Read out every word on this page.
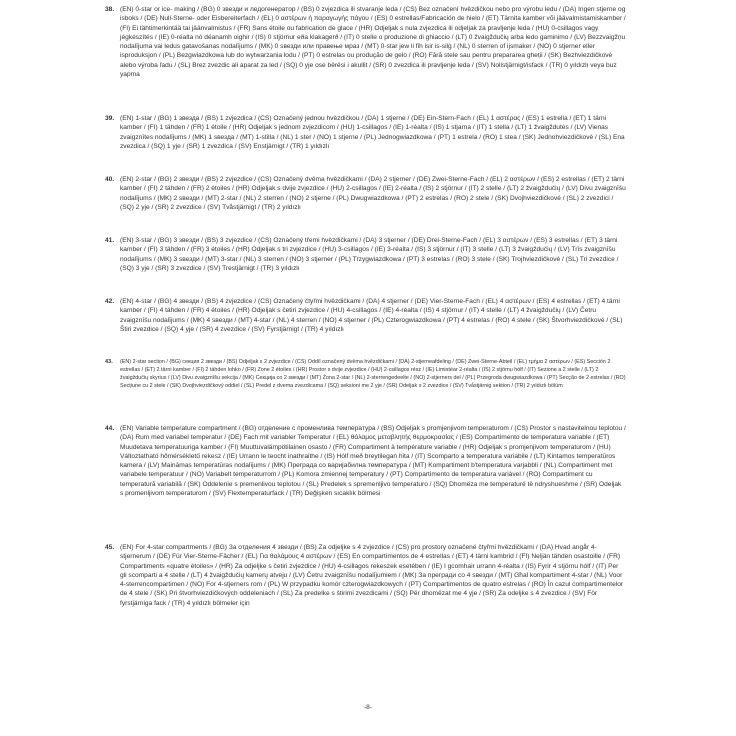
38. (EN) 0-star or ice- making / (BG) 0 звезди и ледогенератор / (BS) 0 zvjezdica ili stvaranje leda / (CS) Bez označení hvězdičkou nebo pro výrobu ledu / (DA) Ingen stjerne og isboks / (DE) Null-Sterne- oder Eisbereiterfach / (EL) 0 αστέρων ή παραγωγής πάγου / (ES) 0 estrellas/Fabricación de hielo / (ET) Tärnita kamber või jäävalmistamiskamber / (FI) Ei tähtimerkintää tai jäänvalmistus / (FR) Sans étoile ou fabrication de glace / (HR) Odjeljak s nula zvjezdica ili odjeljak za pravljenje leda / (HU) 0-csillagos vagy jégkészítés / (IE) 0-réalta nó déanamh oighir / (IS) 0 stjörnur eða klakagerð / (IT) 0 stelle o produzione di ghiaccio / (LT) 0 žvaigždučių arba ledo gaminimo / (LV) Bezzvaigžņu nodalījuma vai ledus gatavošanas nodalījums / (MK) 0 ѕвезди или правење мраз / (MT) 0-star jew li fih isir is-silġ / (NL) 0 sterren of ijsmaker / (NO) 0 stjerner eller isproduksjon / (PL) Bezgwiazdkowa lub do wytwarzania lodu / (PT) 0 estrelas ou produção de gelo / (RO) Fără stele sau pentru prepararea gheții / (SK) Bezhviezdičkové alebo výroba ľadu / (SL) Brez zvezdic ali aparat za led / (SQ) 0 yje ose bërësi i akullit / (SR) 0 zvezdica ili pravljenje leda / (SV) Nollstjärnigt/isfack / (TR) 0 yıldızlı veya buz yapma
39. (EN) 1-star / (BG) 1 звезда / (BS) 1 zvjezdica / (CS) Označený jednou hvězdičkou / (DA) 1 stjerne / (DE) Ein-Stern-Fach / (EL) 1 αστέρας / (ES) 1 estrella / (ET) 1 tärni kamber / (FI) 1 tähden / (FR) 1 étoile / (HR) Odjeljak s jednom zvjezdicom / (HU) 1-csillagos / (IE) 1-réalta / (IS) 1 stjarna / (IT) 1 stella / (LT) 1 žvaigždutės / (LV) Vienas zvaigznītes nodalījums / (MK) 1 ѕвезда / (MT) 1-stilla / (NL) 1 ster / (NO) 1 stjerne / (PL) Jednogwiazdkowa / (PT) 1 estrela / (RO) 1 stea / (SK) Jednohviezdičkové / (SL) Ena zvezdica / (SQ) 1 yje / (SR) 1 zvezdica / (SV) Enstjärnigt / (TR) 1 yıldızlı
40. (EN) 2-star / (BG) 2 звезди / (BS) 2 zvjezdice / (CS) Označený dvěma hvězdičkami / (DA) 2 stjerner / (DE) Zwei-Sterne-Fach / (EL) 2 αστέρων / (ES) 2 estrellas / (ET) 2 tärni kamber / (FI) 2 tähden / (FR) 2 étoiles / (HR) Odjeljak s dvije zvjezdice / (HU) 2-csillagos / (IE) 2-réalta / (IS) 2 stjörnur / (IT) 2 stelle / (LT) 2 žvaigždučių / (LV) Divu zvaigznīšu nodalījums / (MK) 2 ѕвезди / (MT) 2-star / (NL) 2 sterren / (NO) 2 stjerne / (PL) Dwugwiazdkowa / (PT) 2 estrelas / (RO) 2 stele / (SK) Dvojhviezdičkové / (SL) 2 zvezdici / (SQ) 2 yje / (SR) 2 zvezdice / (SV) Tvåstjärnigt / (TR) 2 yıldızlı
41. (EN) 3-star / (BG) 3 звезди / (BS) 3 zvjezdice / (CS) Označený třemi hvězdičkami / (DA) 3 stjerner / (DE) Drei-Sterne-Fach / (EL) 3 αστέρων / (ES) 3 estrellas / (ET) 3 tärni kamber / (FI) 3 tähden / (FR) 3 étoiles / (HR) Odjeljak s tri zvjezdice / (HU) 3-csillagos / (IE) 3-réalta / (IS) 3 stjörnur / (IT) 3 stelle / (LT) 3 žvaigždučių / (LV) Trīs zvaigznīšu nodalījums / (MK) 3 ѕвезди / (MT) 3-star / (NL) 3 sterren / (NO) 3 stjerner / (PL) Trzygwiazdkowa / (PT) 3 estrelas / (RO) 3 stele / (SK) Trojhviezdičkové / (SL) Tri zvezdice / (SQ) 3 yje / (SR) 3 zvezdice / (SV) Trestjärnigt / (TR) 3 yıldızlı
42. (EN) 4-star / (BG) 4 звезди / (BS) 4 zvjezdice / (CS) Označený čtyřmi hvězdičkami / (DA) 4 stjerner / (DE) Vier-Sterne-Fach / (EL) 4 αστέρων / (ES) 4 estrellas / (ET) 4 tärni kamber / (FI) 4 tähden / (FR) 4 étoiles / (HR) Odjeljak s četiri zvjezdice / (HU) 4-csillagos / (IE) 4-réalta / (IS) 4 stjörnur / (IT) 4 stelle / (LT) 4 žvaigždučių / (LV) Četru zvaigznīšu nodalījums / (MK) 4 ѕвезди / (MT) 4-star / (NL) 4 sterren / (NO) 4 stjerner / (PL) Czterogwiazdkowa / (PT) 4 estrelas / (RO) 4 stele / (SK) Štvorhviezdičkové / (SL) Štiri zvezdice / (SQ) 4 yje / (SR) 4 zvezdice / (SV) Fyrstjärnigt / (TR) 4 yıldızlı
43. (EN) 2-star section / (BG) секция 2 звезди / (BS) Odjeljak s 2 zvjezdice / (CS) Oddíl označený dvěma hvězdičkami / (DA) 2-stjerneafdeling / (DE) Zwei-Sterne-Abteil / (EL) τμήμα 2 αστέρων / (ES) Sección 2 estrellas / (ET) 2 tärni kamber / (FI) 2 tähden lohko / (FR) Zone 2 étoiles / (HR) Prostor s dvije zvjezdice / (HU) 2-csillagos rész / (IE) Limistéar 2-réalta / (IS) 2 stjörnu hólf / (IT) Sezione a 2 stelle / (LT) 2 žvaigždučių skyrius / (LV) Divu zvaigznīšu sekcija / (MK) Секција со 2 ѕвезди / (MT) Żona 2-star / (NL) 2-sterrengedeelte / (NO) 2-stjerners del / (PL) Przegroda dwugwiazdkowa / (PT) Secção de 2 estrelas / (RO) Secțiune cu 2 stele / (SK) Dvojhviezdičkový oddiel / (SL) Predel z dvema zvezdicama / (SQ) seksioni me 2 yje / (SR) Odeljak s 2 zvezdice / (SV) Tvåstjärnig sektion / (TR) 2 yıldızlı bölüm
44. (EN) Variable temperature compartment / (BG) отделение с променлива температура / (BS) Odjeljak s promjenjivom temperaturom / (CS) Prostor s nastavitelnou teplotou / (DA) Rum med variabel temperatur / (DE) Fach mit variabler Temperatur / (EL) θάλαμος μεταβλητής θερμοκρασίας / (ES) Compartimento de temperatura variable / (ET) Muudetava temperatuuriga kamber / (FI) Muuttuvalämpötilainen osasto / (FR) Compartiment à température variable / (HR) Odjeljak s promjenjivom temperaturom / (HU) Változtatható hőmérsékletű rekesz / (IE) Urrann le teocht inathraithe / (IS) Hólf með breytilegan hita / (IT) Scomparto a temperatura variabile / (LT) Kintamos temperatūros kamera / (LV) Maināmas temperatūras nodalījums / (MK) Преграда со варијабилна температура / (MT) Kompartiment b'temperatura varjabbli / (NL) Compartiment met variabele temperatuur / (NO) Variabelt temperaturrom / (PL) Komora zmiennej temperatury / (PT) Compartimento de temperatura variável / (RO) Compartiment cu temperatură variabilă / (SK) Oddelenie s premenlivou teplotou / (SL) Predelek s spremenljivo temperaturo / (SQ) Dhomëza me temperaturë të ndryshueshme / (SR) Odeljak s promenljivom temperaturom / (SV) Flextemperaturfack / (TR) Değişken sıcaklık bölmesi
45. (EN) For 4-star compartments / (BG) За отделения 4 звезди / (BS) Za odjeljke s 4 zvjezdice / (CS) pro prostory označené čtyřmi hvězdičkami / (DA) Hvad angår 4-stjernerum / (DE) Für Vier-Sterne-Fächer / (EL) Για θαλάμους 4 αστέρων / (ES) En compartimentos de 4 estrellas / (ET) 4 tärni kambrid / (FI) Neljän tähden osastoille / (FR) Compartiments «quatre étoiles» / (HR) Za odjeljke s četiri zvjezdice / (HU) 4-csillagos rekeszek esetében / (IE) I gcomhair urrann 4-réalta / (IS) Fyrir 4 stjörnu hólf / (IT) Per gli scomparti a 4 stelle / (LT) 4 žvaigždučių kamerų atveju / (LV) Četru zvaigznīšu nodalījumiem / (MK) За прегради со 4 ѕвезди / (MT) Għal kompartiment 4-star / (NL) Voor 4-sterrencompartimen / (NO) For 4-stjerners rom / (PL) W przypadku komór czterogwiazdkowych / (PT) Compartimentos de quatro estrelas / (RO) În cazul compartimentelor de 4 stele / (SK) Pri štvorhviezdičkových oddeleniach / (SL) Za predelke s štirimi zvezdicami / (SQ) Për dhomëzat me 4 yje / (SR) Za odeljke s 4 zvezdice / (SV) För fyrstjärniga fack / (TR) 4 yıldızlı bölmeler için
-8-
